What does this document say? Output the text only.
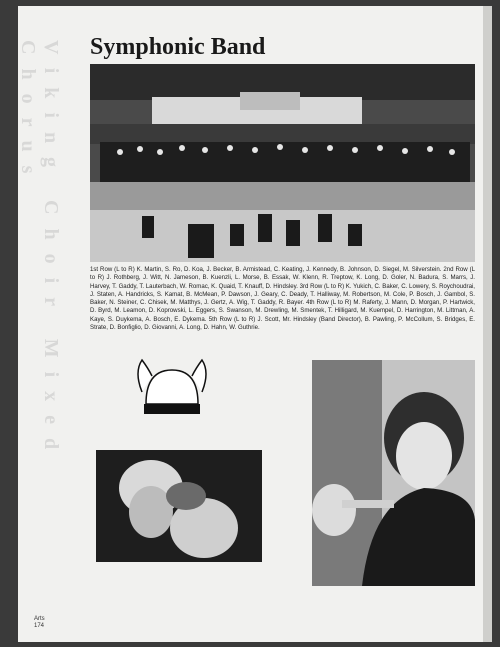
Viking Choir Mixed Chorus	Symphonic Band

1st Row (L to R) K. Martin, S. Ro, D. Koa, J. Becker, B. Armistead, C. Keating, J. Kennedy, B. Johnson, D. Siegel, M. Silverstein. 2nd Row (L to R) J. Rothberg, J. Witt, N. Jameson, B. Kuenzli, L. Morse, B. Essak, W. Klenn, R. Treptow, K. Long, D. Goler, N. Badura, S. Marrs, J. Harvey, T. Gaddy, T. Lauterbach, W. Romac, K. Quaid, T. Knauff, D. Hindsley. 3rd Row (L to R) K. Yukich, C. Baker, C. Lowery, S. Roychoudrai, J. Staten, A. Handricks, S. Kamat, B. McMean, P. Dawson, J. Geary, C. Deady, T. Halliway, M. Robertson, M. Cole, P. Bosch, J. Gambol, S. Baker, N. Steiner, C. Chisek, M. Matthys, J. Gertz, A. Wig, T. Gaddy, R. Bayer. 4th Row (L to R) M. Raferty, J. Mann, D. Morgan, P. Hartwick, D. Byrd, M. Leamon, D. Koprowski, L. Eggers, S. Swanson, M. Drewling, M. Smentek, T. Hilligard, M. Kuempel, D. Harrington, M. Littman, A. Kaye, S. Duykema, A. Bosch, E. Dykema. 5th Row (L to R) J. Scott, Mr. Hindsley (Band Director), B. Pawling, P. McCollum, S. Bridges, E. Strate, D. Bonfiglio, D. Giovanni, A. Long, D. Hahn, W. Guthrie.

Arts
174
